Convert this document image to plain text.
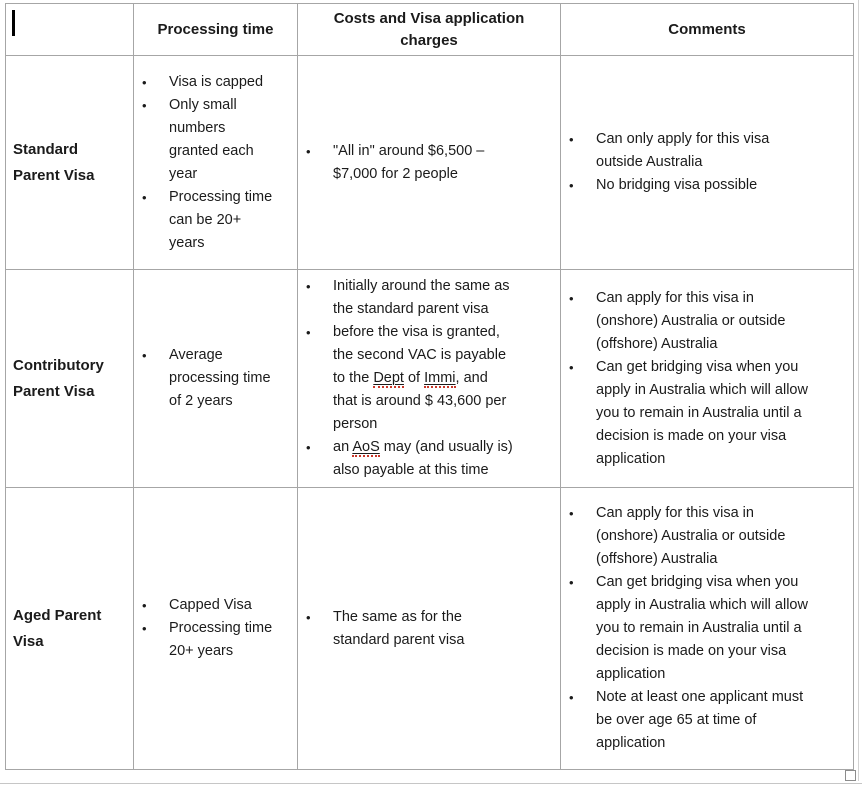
	Processing time	Costs and Visa application charges	Comments
Standard Parent Visa	
•	Visa is capped
•	Only small numbers granted each year
•	Processing time can be 20+ years

•	"All in" around $6,500 – $7,000 for 2 people

•	Can only apply for this visa outside Australia
•	No bridging visa possible

Contributory Parent Visa	
•	Average processing time of 2 years

•	Initially around the same as the standard parent visa
•	before the visa is granted, the second VAC is payable to the Dept of Immi, and that is around $ 43,600 per person
•	an AoS may (and usually is) also payable at this time

•	Can apply for this visa in (onshore) Australia or outside (offshore) Australia
•	Can get bridging visa when you apply in Australia which will allow you to remain in Australia until a decision is made on your visa application

Aged Parent Visa	
•	Capped Visa
•	Processing time 20+ years

•	The same as for the standard parent visa

•	Can apply for this visa in (onshore) Australia or outside (offshore) Australia
•	Can get bridging visa when you apply in Australia which will allow you to remain in Australia until a decision is made on your visa application
•	Note at least one applicant must be over age 65 at time of application
